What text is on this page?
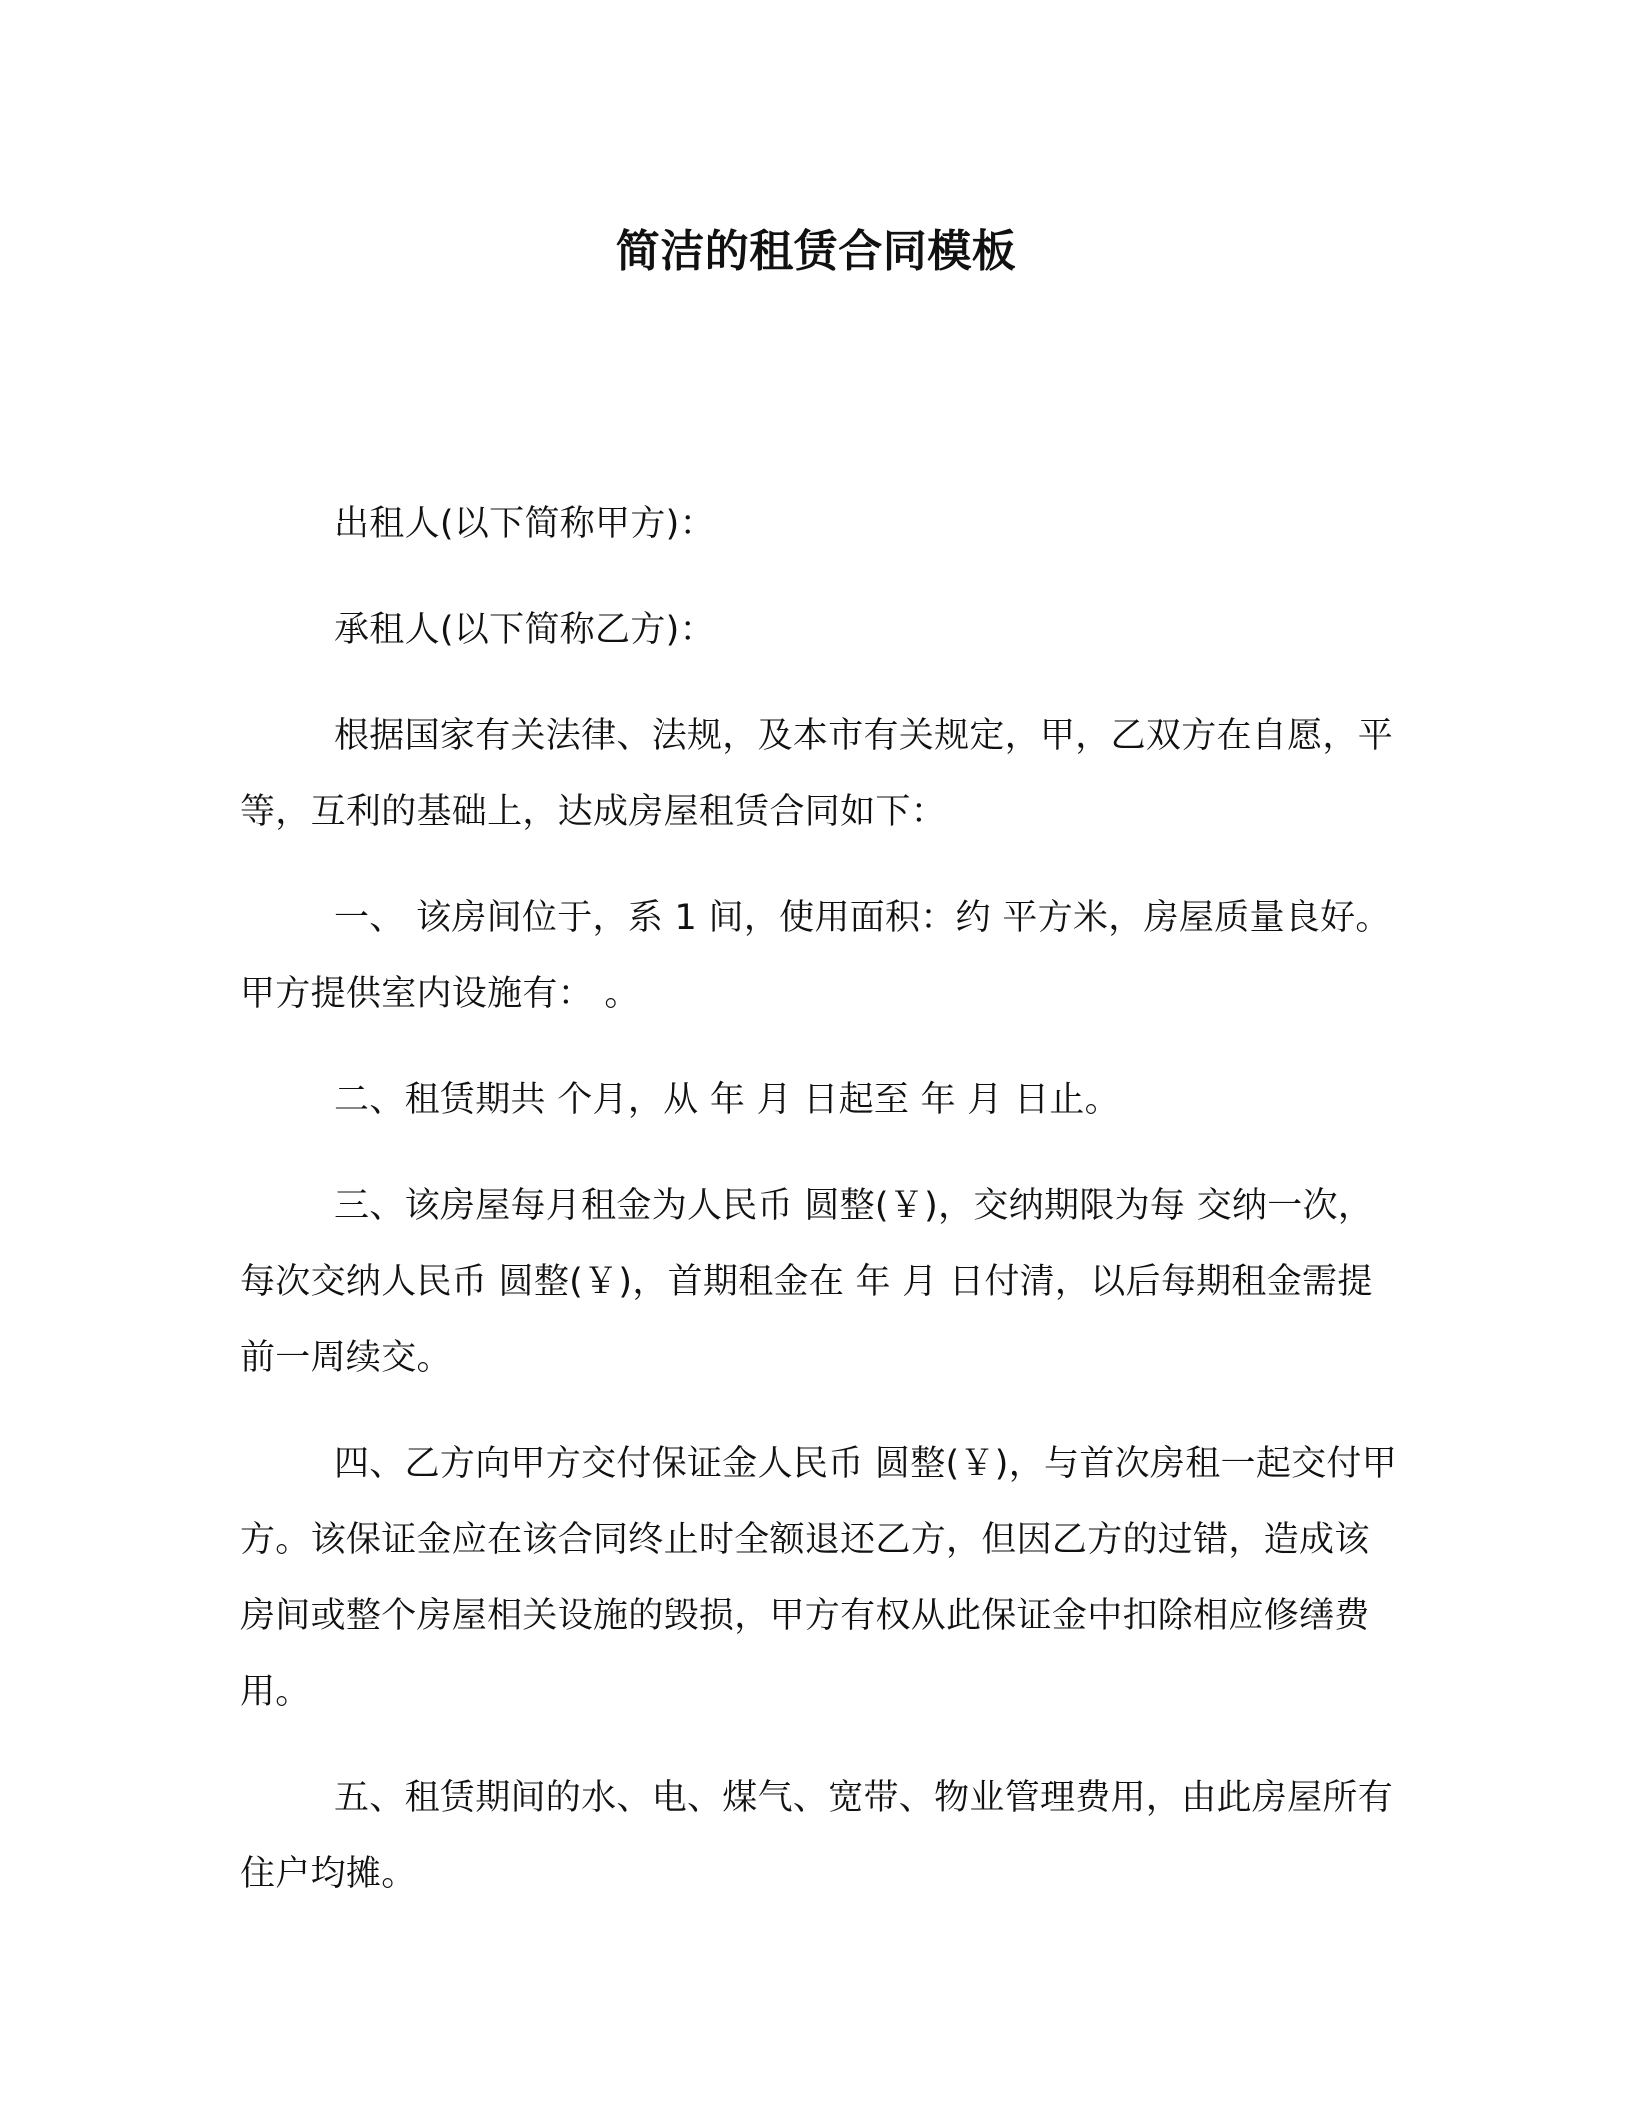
简洁的租赁合同模板

出租人(以下简称甲方)：

承租人(以下简称乙方)：

根据国家有关法律、法规，及本市有关规定，甲，乙双方在自愿，平等，互利的基础上，达成房屋租赁合同如下：

一、 该房间位于，系 1 间，使用面积：约 平方米，房屋质量良好。甲方提供室内设施有： 。

二、租赁期共 个月，从 年 月 日起至 年 月 日止。

三、该房屋每月租金为人民币 圆整(￥)，交纳期限为每 交纳一次，每次交纳人民币 圆整(￥)，首期租金在 年 月 日付清，以后每期租金需提前一周续交。

四、乙方向甲方交付保证金人民币 圆整(￥)，与首次房租一起交付甲方。该保证金应在该合同终止时全额退还乙方，但因乙方的过错，造成该房间或整个房屋相关设施的毁损，甲方有权从此保证金中扣除相应修缮费用。

五、租赁期间的水、电、煤气、宽带、物业管理费用，由此房屋所有住户均摊。
